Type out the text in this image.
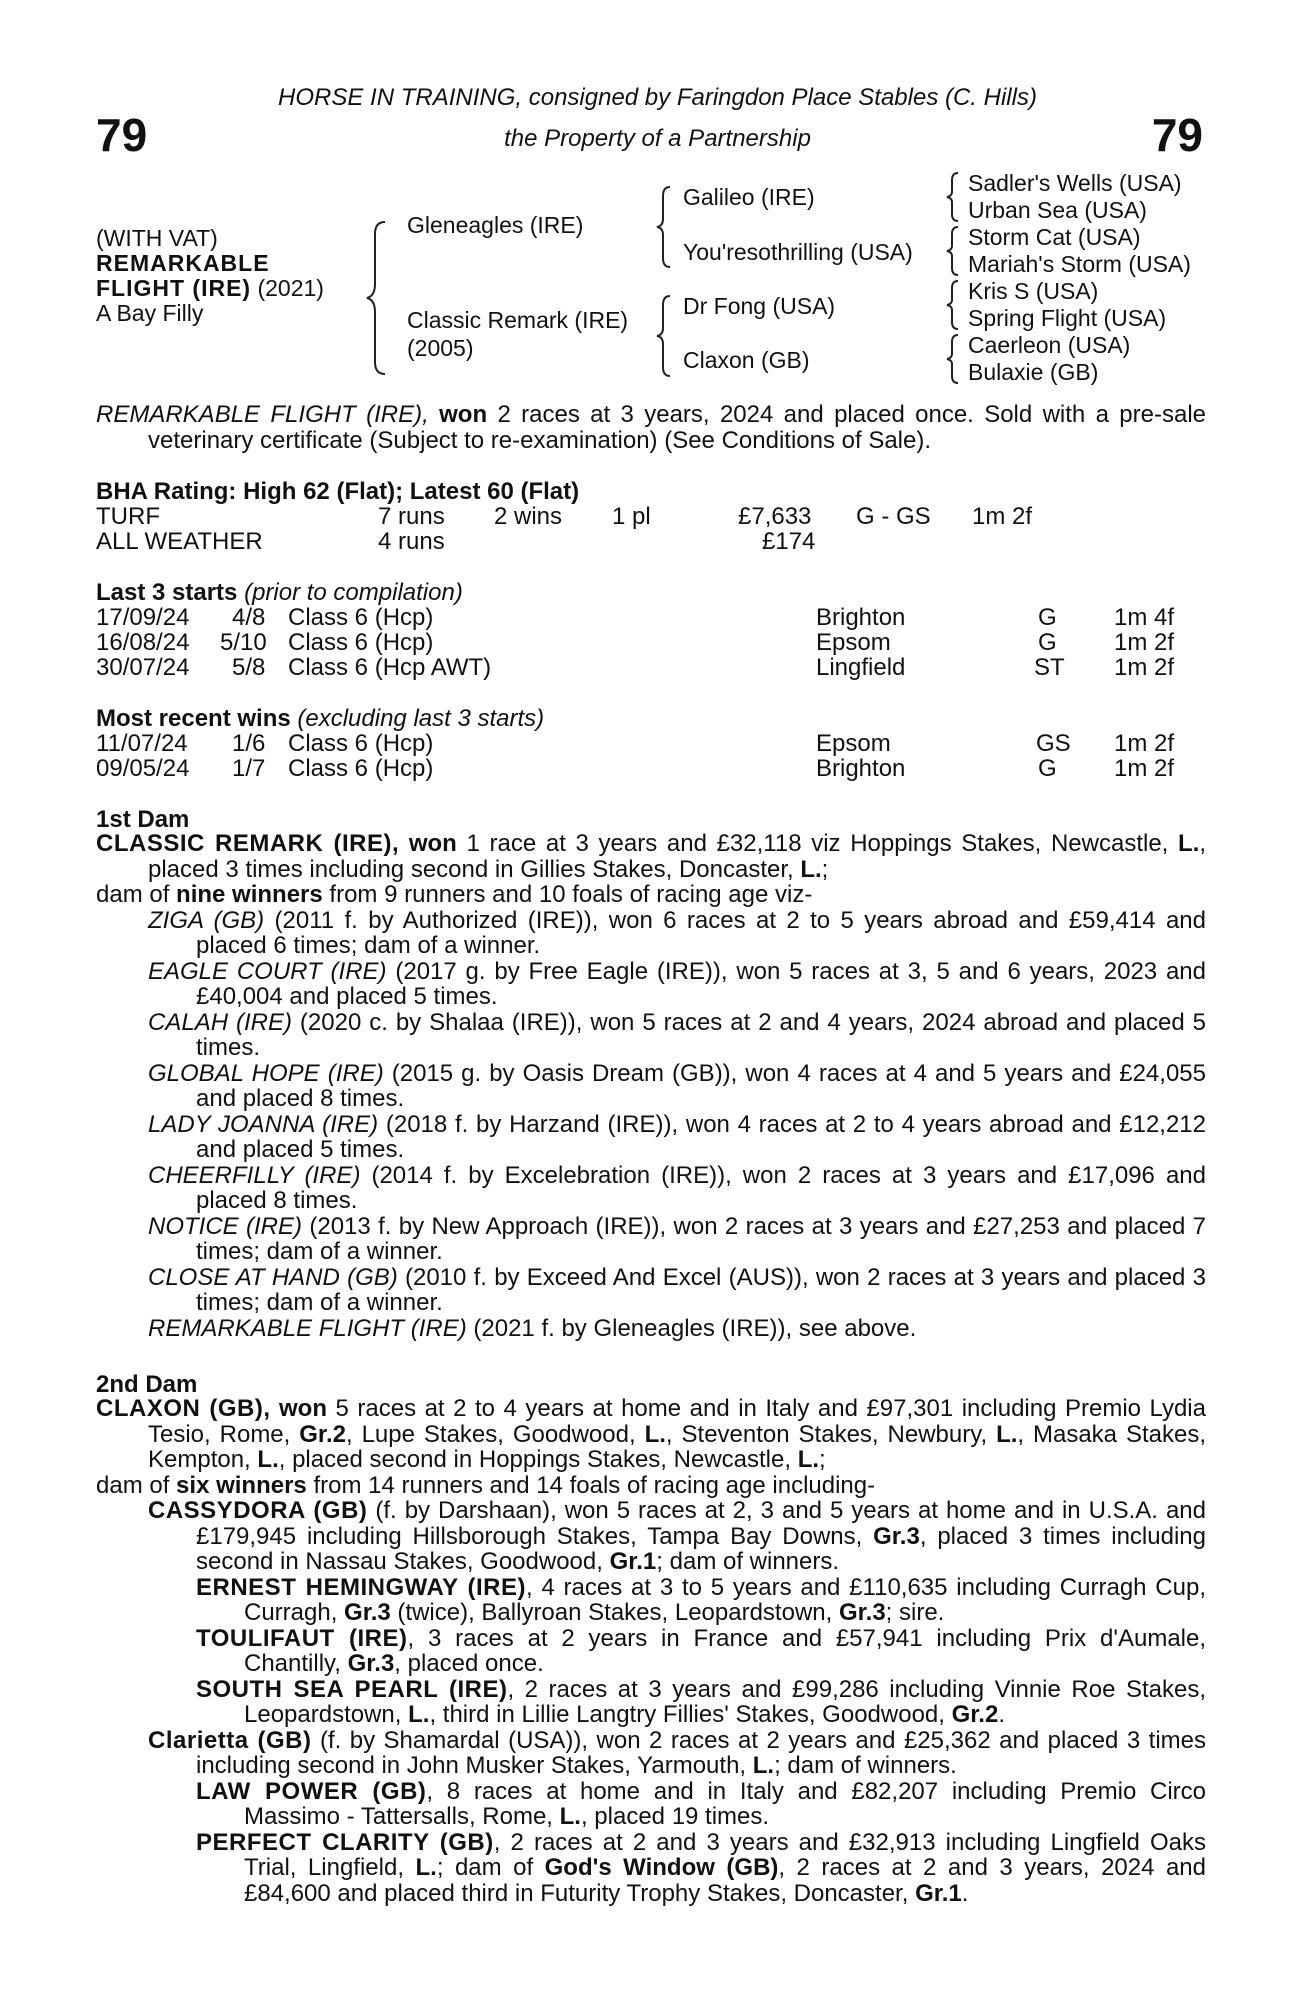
79	79
HORSE IN TRAINING, consigned by Faringdon Place Stables (C. Hills)
the Property of a Partnership
(WITH VAT)
REMARKABLE
FLIGHT (IRE) (2021)
A Bay Filly
Gleneagles (IRE)
Classic Remark (IRE)
(2005)
Galileo (IRE)
You'resothrilling (USA)
Dr Fong (USA)
Claxon (GB)
Sadler's Wells (USA)
Urban Sea (USA)
Storm Cat (USA)
Mariah's Storm (USA)
Kris S (USA)
Spring Flight (USA)
Caerleon (USA)
Bulaxie (GB)
REMARKABLE FLIGHT (IRE), won 2 races at 3 years, 2024 and placed once. Sold with a pre-sale veterinary certificate (Subject to re-examination) (See Conditions of Sale).
BHA Rating: High 62 (Flat); Latest 60 (Flat)
TURF	7 runs 2 wins 1 pl	£7,633 G - GS 1m 2f
ALL WEATHER	4 runs	£174
Last 3 starts (prior to compilation)
17/09/24 4/8 Class 6 (Hcp)	Brighton	G 1m 4f
16/08/24 5/10 Class 6 (Hcp)	Epsom	G 1m 2f
30/07/24 5/8 Class 6 (Hcp AWT)	Lingfield	ST 1m 2f
Most recent wins (excluding last 3 starts)
11/07/24 1/6 Class 6 (Hcp)	Epsom	GS 1m 2f
09/05/24 1/7 Class 6 (Hcp)	Brighton	G 1m 2f
1st Dam
CLASSIC REMARK (IRE), won 1 race at 3 years and £32,118 viz Hoppings Stakes, Newcastle, L., placed 3 times including second in Gillies Stakes, Doncaster, L.;
dam of nine winners from 9 runners and 10 foals of racing age viz-
ZIGA (GB) (2011 f. by Authorized (IRE)), won 6 races at 2 to 5 years abroad and £59,414 and placed 6 times; dam of a winner.
EAGLE COURT (IRE) (2017 g. by Free Eagle (IRE)), won 5 races at 3, 5 and 6 years, 2023 and £40,004 and placed 5 times.
CALAH (IRE) (2020 c. by Shalaa (IRE)), won 5 races at 2 and 4 years, 2024 abroad and placed 5 times.
GLOBAL HOPE (IRE) (2015 g. by Oasis Dream (GB)), won 4 races at 4 and 5 years and £24,055 and placed 8 times.
LADY JOANNA (IRE) (2018 f. by Harzand (IRE)), won 4 races at 2 to 4 years abroad and £12,212 and placed 5 times.
CHEERFILLY (IRE) (2014 f. by Excelebration (IRE)), won 2 races at 3 years and £17,096 and placed 8 times.
NOTICE (IRE) (2013 f. by New Approach (IRE)), won 2 races at 3 years and £27,253 and placed 7 times; dam of a winner.
CLOSE AT HAND (GB) (2010 f. by Exceed And Excel (AUS)), won 2 races at 3 years and placed 3 times; dam of a winner.
REMARKABLE FLIGHT (IRE) (2021 f. by Gleneagles (IRE)), see above.
2nd Dam
CLAXON (GB), won 5 races at 2 to 4 years at home and in Italy and £97,301 including Premio Lydia Tesio, Rome, Gr.2, Lupe Stakes, Goodwood, L., Steventon Stakes, Newbury, L., Masaka Stakes, Kempton, L., placed second in Hoppings Stakes, Newcastle, L.;
dam of six winners from 14 runners and 14 foals of racing age including-
CASSYDORA (GB) (f. by Darshaan), won 5 races at 2, 3 and 5 years at home and in U.S.A. and £179,945 including Hillsborough Stakes, Tampa Bay Downs, Gr.3, placed 3 times including second in Nassau Stakes, Goodwood, Gr.1; dam of winners.
ERNEST HEMINGWAY (IRE), 4 races at 3 to 5 years and £110,635 including Curragh Cup, Curragh, Gr.3 (twice), Ballyroan Stakes, Leopardstown, Gr.3; sire.
TOULIFAUT (IRE), 3 races at 2 years in France and £57,941 including Prix d'Aumale, Chantilly, Gr.3, placed once.
SOUTH SEA PEARL (IRE), 2 races at 3 years and £99,286 including Vinnie Roe Stakes, Leopardstown, L., third in Lillie Langtry Fillies' Stakes, Goodwood, Gr.2.
Clarietta (GB) (f. by Shamardal (USA)), won 2 races at 2 years and £25,362 and placed 3 times including second in John Musker Stakes, Yarmouth, L.; dam of winners.
LAW POWER (GB), 8 races at home and in Italy and £82,207 including Premio Circo Massimo - Tattersalls, Rome, L., placed 19 times.
PERFECT CLARITY (GB), 2 races at 2 and 3 years and £32,913 including Lingfield Oaks Trial, Lingfield, L.; dam of God's Window (GB), 2 races at 2 and 3 years, 2024 and £84,600 and placed third in Futurity Trophy Stakes, Doncaster, Gr.1.
